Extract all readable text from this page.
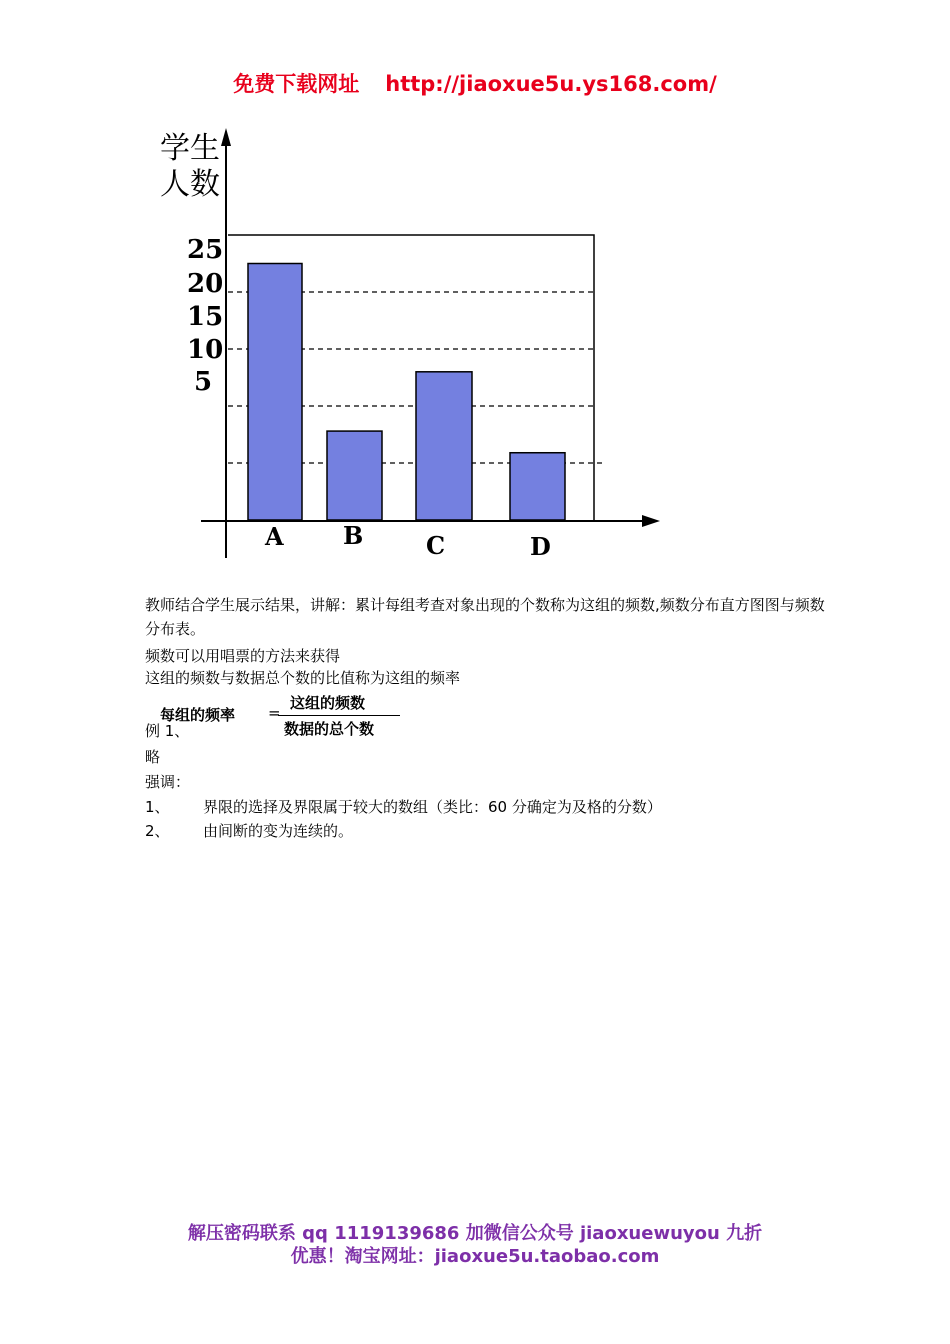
免费下载网址 http://jiaoxue5u.ys168.com/
学生
人数
25
20
15
10
5
A B	C	D
教师结合学生展示结果，讲解：累计每组考查对象出现的个数称为这组的频数,频数分布直方图图与频数分布表。
频数可以用唱票的方法来获得
这组的频数与数据总个数的比值称为这组的频率
每组的频率 =
这组的频数
数据的总个数
例 1、
略
强调：
1、 界限的选择及界限属于较大的数组（类比：60 分确定为及格的分数）
2、 由间断的变为连续的。
解压密码联系 qq 1119139686 加微信公众号 jiaoxuewuyou 九折
优惠！淘宝网址：jiaoxue5u.taobao.com
